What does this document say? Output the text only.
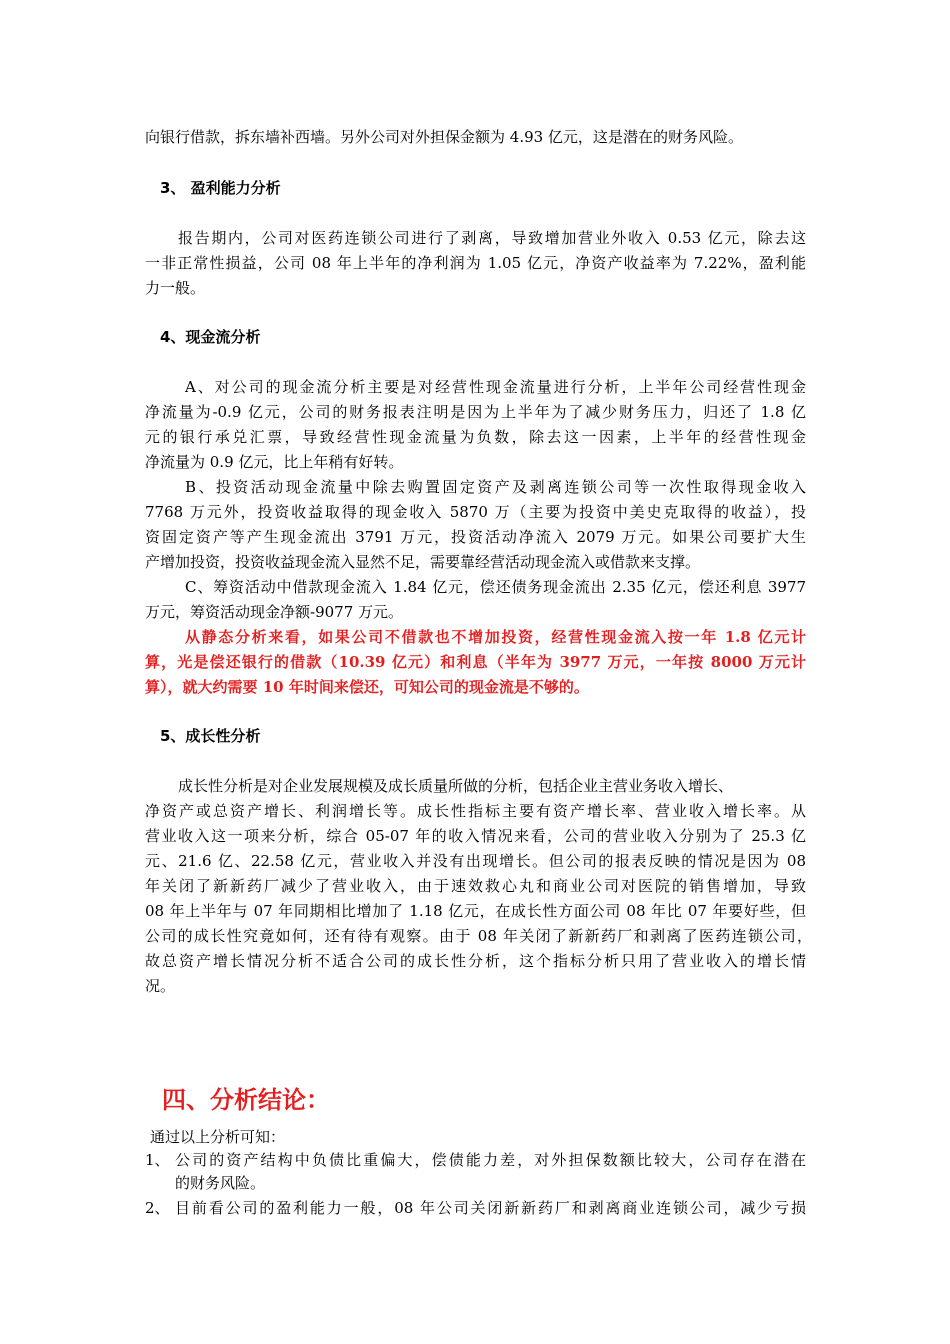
向银行借款，拆东墙补西墙。另外公司对外担保金额为 4.93 亿元，这是潜在的财务风险。
3、 盈利能力分析
报告期内，公司对医药连锁公司进行了剥离，导致增加营业外收入 0.53 亿元，除去这
一非正常性损益，公司 08 年上半年的净利润为 1.05 亿元，净资产收益率为 7.22%，盈利能
力一般。
4、现金流分析
A、对公司的现金流分析主要是对经营性现金流量进行分析，上半年公司经营性现金
净流量为-0.9 亿元，公司的财务报表注明是因为上半年为了减少财务压力，归还了 1.8 亿
元的银行承兑汇票，导致经营性现金流量为负数，除去这一因素，上半年的经营性现金
净流量为 0.9 亿元，比上年稍有好转。
B、投资活动现金流量中除去购置固定资产及剥离连锁公司等一次性取得现金收入
7768 万元外，投资收益取得的现金收入 5870 万（主要为投资中美史克取得的收益），投
资固定资产等产生现金流出 3791 万元，投资活动净流入 2079 万元。如果公司要扩大生
产增加投资，投资收益现金流入显然不足，需要靠经营活动现金流入或借款来支撑。
C、筹资活动中借款现金流入 1.84 亿元，偿还债务现金流出 2.35 亿元，偿还利息 3977
万元，筹资活动现金净额-9077 万元。
从静态分析来看，如果公司不借款也不增加投资，经营性现金流入按一年 1.8 亿元计
算，光是偿还银行的借款（10.39 亿元）和利息（半年为 3977 万元，一年按 8000 万元计
算），就大约需要 10 年时间来偿还，可知公司的现金流是不够的。
5、成长性分析
成长性分析是对企业发展规模及成长质量所做的分析，包括企业主营业务收入增长、
净资产或总资产增长、利润增长等。成长性指标主要有资产增长率、营业收入增长率。从
营业收入这一项来分析，综合 05-07 年的收入情况来看，公司的营业收入分别为了 25.3 亿
元、21.6 亿、22.58 亿元，营业收入并没有出现增长。但公司的报表反映的情况是因为 08
年关闭了新新药厂减少了营业收入，由于速效救心丸和商业公司对医院的销售增加，导致
08 年上半年与 07 年同期相比增加了 1.18 亿元，在成长性方面公司 08 年比 07 年要好些，但
公司的成长性究竟如何，还有待有观察。由于 08 年关闭了新新药厂和剥离了医药连锁公司，
故总资产增长情况分析不适合公司的成长性分析，这个指标分析只用了营业收入的增长情
况。
四、分析结论：
通过以上分析可知：
1、 公司的资产结构中负债比重偏大，偿债能力差，对外担保数额比较大，公司存在潜在
的财务风险。
2、 目前看公司的盈利能力一般，08 年公司关闭新新药厂和剥离商业连锁公司，减少亏损
